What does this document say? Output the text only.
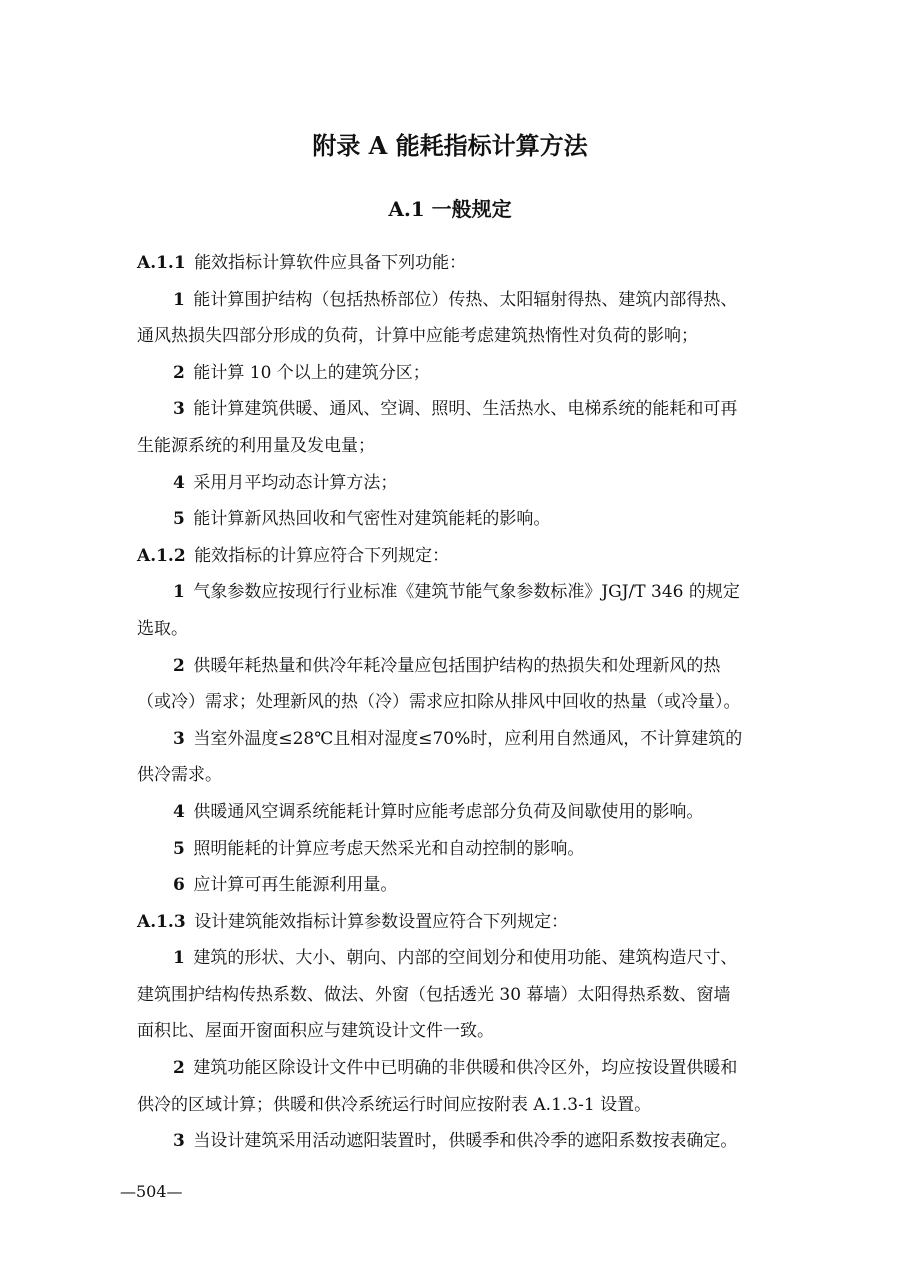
附录 A 能耗指标计算方法
A.1 一般规定

A.1.1  能效指标计算软件应具备下列功能：

1  能计算围护结构（包括热桥部位）传热、太阳辐射得热、建筑内部得热、

通风热损失四部分形成的负荷，计算中应能考虑建筑热惰性对负荷的影响；

2  能计算 10 个以上的建筑分区；

3  能计算建筑供暖、通风、空调、照明、生活热水、电梯系统的能耗和可再

生能源系统的利用量及发电量；

4  采用月平均动态计算方法；

5  能计算新风热回收和气密性对建筑能耗的影响。

A.1.2  能效指标的计算应符合下列规定：

1  气象参数应按现行行业标准《建筑节能气象参数标准》JGJ/T 346 的规定

选取。

2  供暖年耗热量和供冷年耗冷量应包括围护结构的热损失和处理新风的热

（或冷）需求；处理新风的热（冷）需求应扣除从排风中回收的热量（或冷量）。

3  当室外温度≤28℃且相对湿度≤70%时，应利用自然通风，不计算建筑的

供冷需求。

4  供暖通风空调系统能耗计算时应能考虑部分负荷及间歇使用的影响。

5  照明能耗的计算应考虑天然采光和自动控制的影响。

6  应计算可再生能源利用量。

A.1.3  设计建筑能效指标计算参数设置应符合下列规定：

1  建筑的形状、大小、朝向、内部的空间划分和使用功能、建筑构造尺寸、

建筑围护结构传热系数、做法、外窗（包括透光 30 幕墙）太阳得热系数、窗墙

面积比、屋面开窗面积应与建筑设计文件一致。

2  建筑功能区除设计文件中已明确的非供暖和供冷区外，均应按设置供暖和

供冷的区域计算；供暖和供冷系统运行时间应按附表 A.1.3-1 设置。

3  当设计建筑采用活动遮阳装置时，供暖季和供冷季的遮阳系数按表确定。

—504—
